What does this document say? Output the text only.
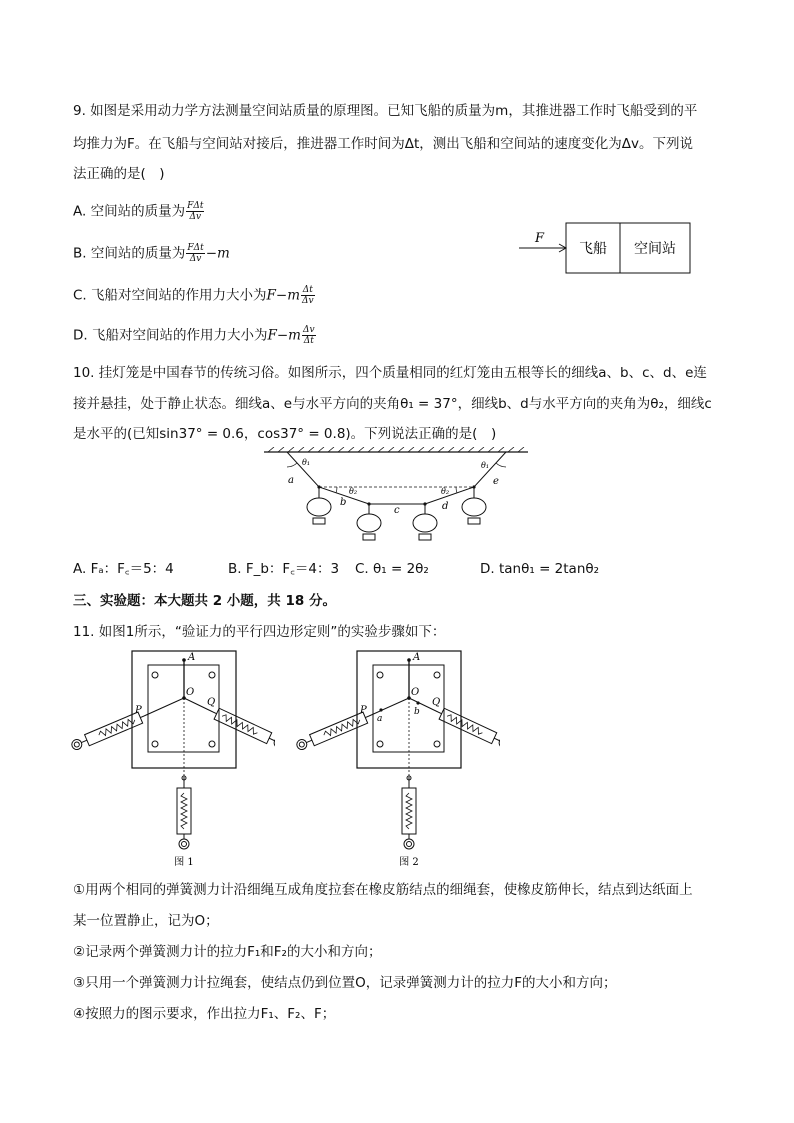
9. 如图是采用动力学方法测量空间站质量的原理图。已知飞船的质量为m，其推进器工作时飞船受到的平
均推力为F。在飞船与空间站对接后，推进器工作时间为Δt，测出飞船和空间站的速度变化为Δv。下列说
法正确的是(　)
A. 空间站的质量为 $\frac{\text{FΔt}}{\Delta v}$
B. 空间站的质量为 $\frac{\text{FΔt}}{\Delta v} -m$
C. 飞船对空间站的作用力大小为$F-m \frac{\Delta t}{\Delta v}$
D. 飞船对空间站的作用力大小为$F-m \frac{\Delta v}{\Delta t}$
F
飞船 空间站
10. 挂灯笼是中国春节的传统习俗。如图所示，四个质量相同的红灯笼由五根等长的细线a、b、c、d、e连
接并悬挂，处于静止状态。细线a、e与水平方向的夹角θ₁ = 37°，细线b、d与水平方向的夹角为θ₂，细线c
是水平的(已知sin37° = 0.6，cos37° = 0.8)。下列说法正确的是(　)
θ₁	θ₁
a
θ₂	θ₂
b
c	d
e
A. Fₐ：F꜀＝5：4	B. F_b：F꜀＝4：3 C. θ₁ = 2θ₂	D. tanθ₁ = 2tanθ₂
三、实验题：本大题共 2 小题，共 18 分。
11. 如图1所示，“验证力的平行四边形定则”的实验步骤如下：
A
O
P
Q
图 1
A
O
P
Q
a
b
图 2
①用两个相同的弹簧测力计沿细绳互成角度拉套在橡皮筋结点的细绳套，使橡皮筋伸长，结点到达纸面上
某一位置静止，记为O；
②记录两个弹簧测力计的拉力F₁和F₂的大小和方向；
③只用一个弹簧测力计拉绳套，使结点仍到位置O，记录弹簧测力计的拉力F的大小和方向；
④按照力的图示要求，作出拉力F₁、F₂、F；
